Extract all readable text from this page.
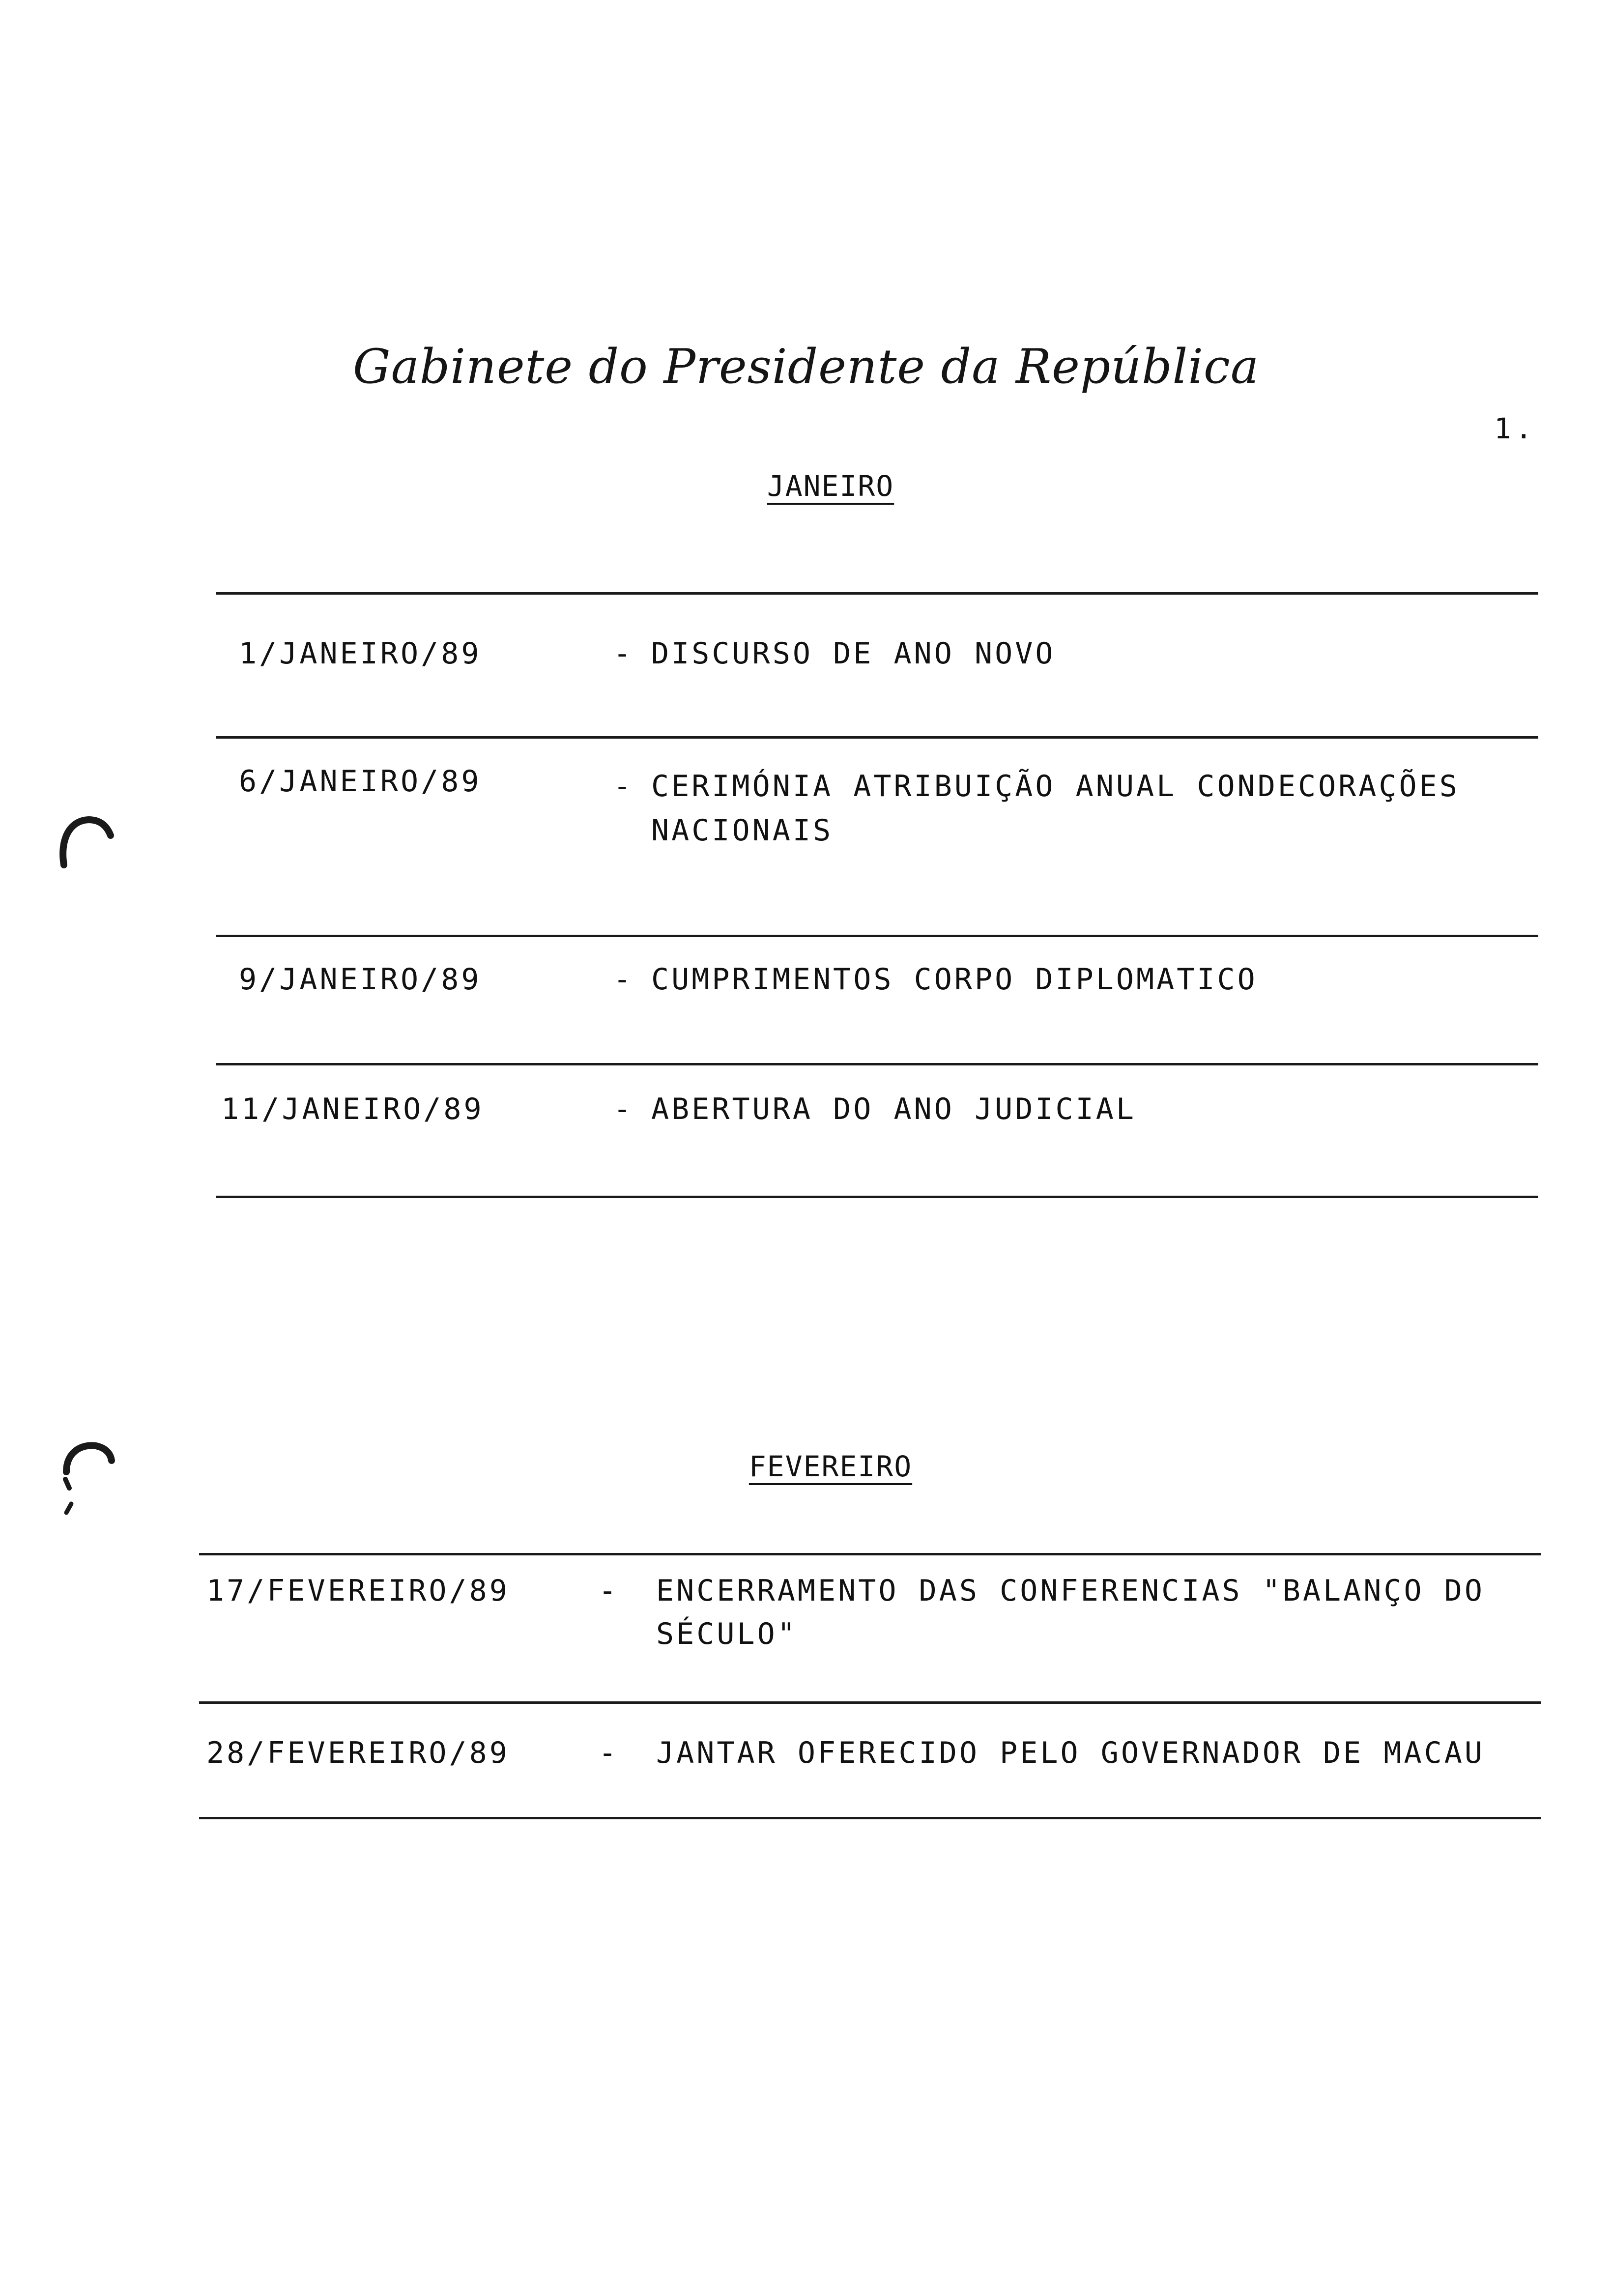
Gabinete do Presidente da República
1.
JANEIRO
1/JANEIRO/89	- DISCURSO DE ANO NOVO
6/JANEIRO/89	- CERIMÓNIA ATRIBUIÇÃO ANUAL CONDECORAÇÕES
NACIONAIS
9/JANEIRO/89	- CUMPRIMENTOS CORPO DIPLOMATICO
11/JANEIRO/89	- ABERTURA DO ANO JUDICIAL
FEVEREIRO
17/FEVEREIRO/89	- ENCERRAMENTO DAS CONFERENCIAS "BALANÇO DO
SÉCULO"
28/FEVEREIRO/89	- JANTAR OFERECIDO PELO GOVERNADOR DE MACAU
